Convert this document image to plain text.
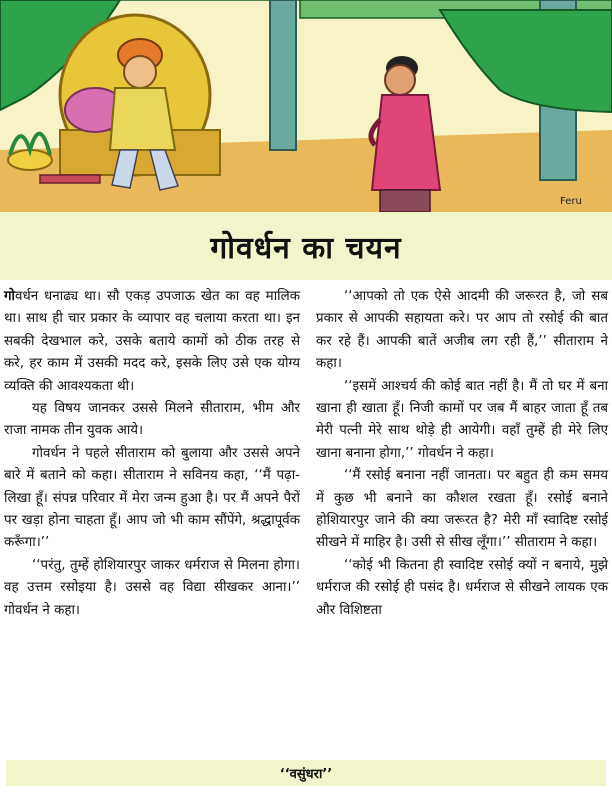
Feru
गोवर्धन का चयन

गोवर्धन धनाढ्य था। सौ एकड़ उपजाऊ खेत का वह मालिक था। साथ ही चार प्रकार के व्यापार वह चलाया करता था। इन सबकी देखभाल करे, उसके बताये कामों को ठीक तरह से करे, हर काम में उसकी मदद करे, इसके लिए उसे एक योग्य व्यक्ति की आवश्यकता थी।

यह विषय जानकर उससे मिलने सीताराम, भीम और राजा नामक तीन युवक आये।

गोवर्धन ने पहले सीताराम को बुलाया और उससे अपने बारे में बताने को कहा। सीताराम ने सविनय कहा, ‘‘मैं पढ़ा-लिखा हूँ। संपन्न परिवार में मेरा जन्म हुआ है। पर मैं अपने पैरों पर खड़ा होना चाहता हूँ। आप जो भी काम सौंपेंगे, श्रद्धापूर्वक करूँगा।’’

‘‘परंतु, तुम्हें होशियारपुर जाकर धर्मराज से मिलना होगा। वह उत्तम रसोइया है। उससे वह विद्या सीखकर आना।’’ गोवर्धन ने कहा।

‘‘आपको तो एक ऐसे आदमी की जरूरत है, जो सब प्रकार से आपकी सहायता करे। पर आप तो रसोई की बात कर रहे हैं। आपकी बातें अजीब लग रही हैं,’’ सीताराम ने कहा।

‘‘इसमें आश्चर्य की कोई बात नहीं है। मैं तो घर में बना खाना ही खाता हूँ। निजी कामों पर जब मैं बाहर जाता हूँ तब मेरी पत्नी मेरे साथ थोड़े ही आयेगी। वहाँ तुम्हें ही मेरे लिए खाना बनाना होगा,’’ गोवर्धन ने कहा।

‘‘मैं रसोई बनाना नहीं जानता। पर बहुत ही कम समय में कुछ भी बनाने का कौशल रखता हूँ। रसोई बनाने होशियारपुर जाने की क्या जरूरत है? मेरी माँ स्वादिष्ट रसोई सीखने में माहिर है। उसी से सीख लूँगा।’’ सीताराम ने कहा।

‘‘कोई भी कितना ही स्वादिष्ट रसोई क्यों न बनाये, मुझे धर्मराज की रसोई ही पसंद है। धर्मराज से सीखने लायक एक और विशिष्टता

‘‘वसुंधरा’’
